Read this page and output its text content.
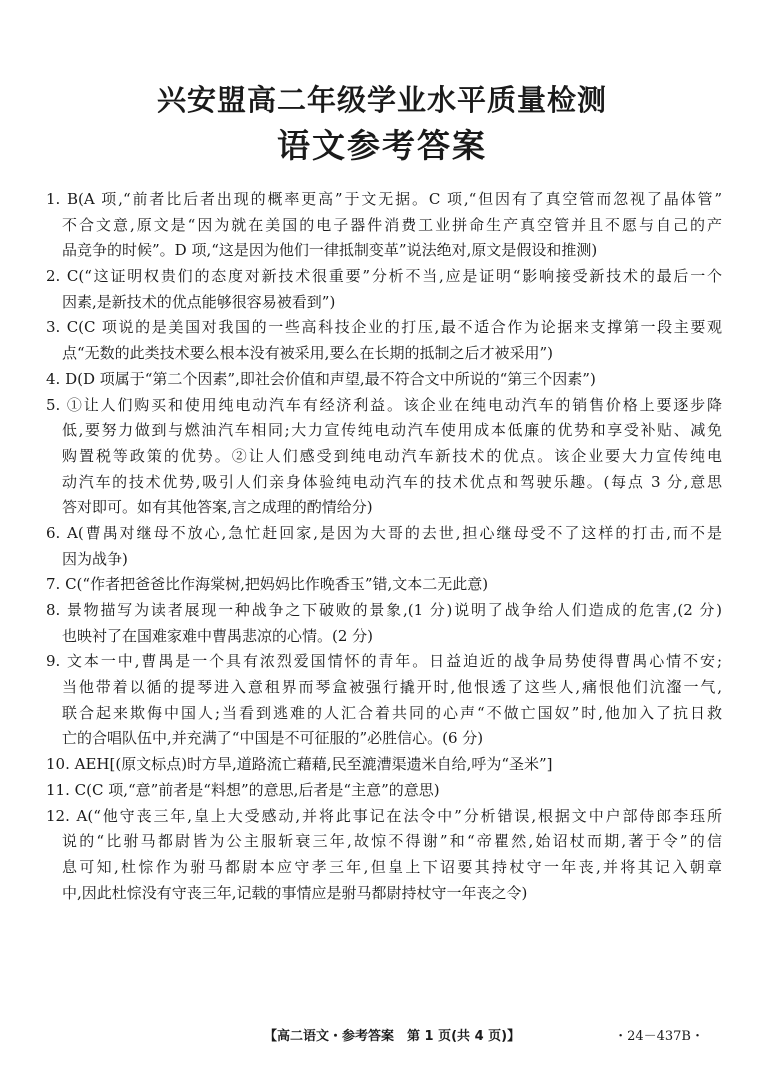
兴安盟高二年级学业水平质量检测
语文参考答案
1. B(A 项,“前者比后者出现的概率更高”于文无据。C 项,“但因有了真空管而忽视了晶体管”
不合文意,原文是“因为就在美国的电子器件消费工业拼命生产真空管并且不愿与自己的产
品竞争的时候”。D 项,“这是因为他们一律抵制变革”说法绝对,原文是假设和推测)
2. C(“这证明权贵们的态度对新技术很重要”分析不当,应是证明“影响接受新技术的最后一个
因素,是新技术的优点能够很容易被看到”)
3. C(C 项说的是美国对我国的一些高科技企业的打压,最不适合作为论据来支撑第一段主要观
点“无数的此类技术要么根本没有被采用,要么在长期的抵制之后才被采用”)
4. D(D 项属于“第二个因素”,即社会价值和声望,最不符合文中所说的“第三个因素”)
5. ①让人们购买和使用纯电动汽车有经济利益。该企业在纯电动汽车的销售价格上要逐步降
低,要努力做到与燃油汽车相同;大力宣传纯电动汽车使用成本低廉的优势和享受补贴、减免
购置税等政策的优势。②让人们感受到纯电动汽车新技术的优点。该企业要大力宣传纯电
动汽车的技术优势,吸引人们亲身体验纯电动汽车的技术优点和驾驶乐趣。(每点 3 分,意思
答对即可。如有其他答案,言之成理的酌情给分)
6. A(曹禺对继母不放心,急忙赶回家,是因为大哥的去世,担心继母受不了这样的打击,而不是
因为战争)
7. C(“作者把爸爸比作海棠树,把妈妈比作晚香玉”错,文本二无此意)
8. 景物描写为读者展现一种战争之下破败的景象,(1 分)说明了战争给人们造成的危害,(2 分)
也映衬了在国难家难中曹禺悲凉的心情。(2 分)
9. 文本一中,曹禺是一个具有浓烈爱国情怀的青年。日益迫近的战争局势使得曹禺心情不安;
当他带着以循的提琴进入意租界而琴盒被强行撬开时,他恨透了这些人,痛恨他们沆瀣一气,
联合起来欺侮中国人;当看到逃难的人汇合着共同的心声“不做亡国奴”时,他加入了抗日救
亡的合唱队伍中,并充满了“中国是不可征服的”必胜信心。(6 分)
10. AEH[(原文标点)时方旱,道路流亡藉藉,民至漉漕渠遗米自给,呼为“圣米”]
11. C(C 项,“意”前者是“料想”的意思,后者是“主意”的意思)
12. A(“他守丧三年,皇上大受感动,并将此事记在法令中”分析错误,根据文中户部侍郎李珏所
说的“比驸马都尉皆为公主服斩衰三年,故惊不得谢”和“帝瞿然,始诏杖而期,著于令”的信
息可知,杜悰作为驸马都尉本应守孝三年,但皇上下诏要其持杖守一年丧,并将其记入朝章
中,因此杜悰没有守丧三年,记载的事情应是驸马都尉持杖守一年丧之令)
【高二语文・参考答案　第 1 页(共 4 页)】	・24－437B・
